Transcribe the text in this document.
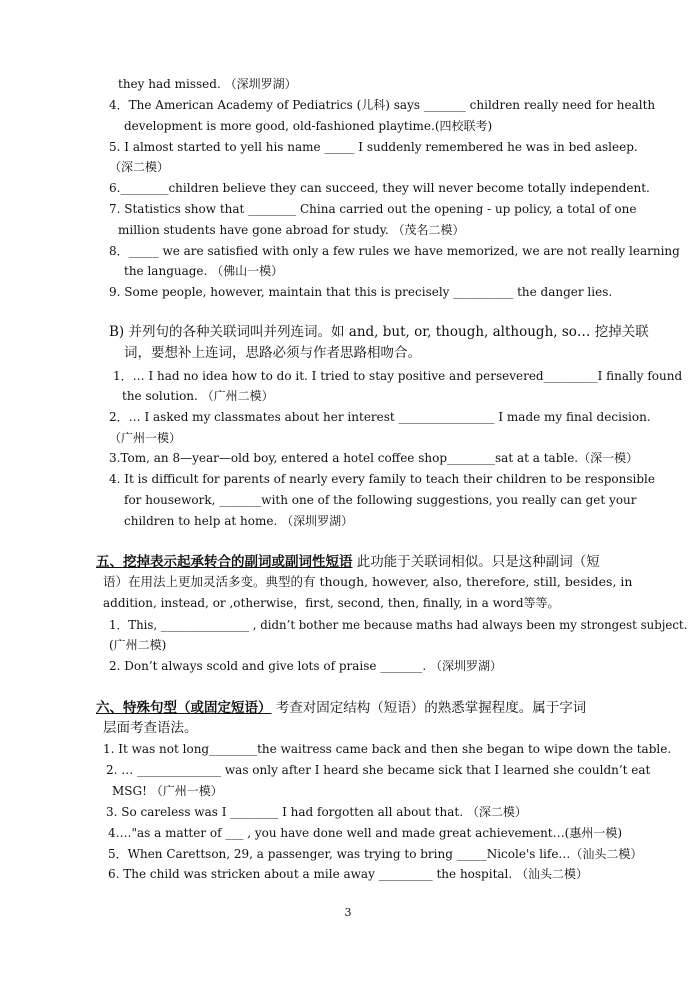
they had missed. （深圳罗湖）
4．The American Academy of Pediatrics (儿科) says _______ children really need for health
development is more good, old-fashioned playtime.(四校联考)
5. I almost started to yell his name _____ I suddenly remembered he was in bed asleep.
（深二模）
6.________children believe they can succeed, they will never become totally independent.
7. Statistics show that ________ China carried out the opening - up policy, a total of one
million students have gone abroad for study. （茂名二模）
8．_____ we are satisfied with only a few rules we have memorized, we are not really learning
the language. （佛山一模）
9. Some people, however, maintain that this is precisely __________ the danger lies.
B) 并列句的各种关联词叫并列连词。如 and, but, or, though, although, so… 挖掉关联
词，要想补上连词，思路必须与作者思路相吻合。
1．… I had no idea how to do it. I tried to stay positive and persevered_________I finally found
the solution. （广州二模）
2．… I asked my classmates about her interest ________________ I made my final decision.
（广州一模）
3.Tom, an 8—year—old boy, entered a hotel coffee shop________sat at a table.（深一模）
4. It is difficult for parents of nearly every family to teach their children to be responsible
for housework, _______with one of the following suggestions, you really can get your
children to help at home. （深圳罗湖）
五、挖掉表示起承转合的副词或副词性短语 此功能于关联词相似。只是这种副词（短
语）在用法上更加灵活多变。典型的有 though, however, also, therefore, still, besides, in
addition, instead, or ,otherwise，first, second, then, finally, in a word等等。
1．This, _______________ , didn’t bother me because maths had always been my strongest subject.
(广州二模)
2. Don’t always scold and give lots of praise _______. （深圳罗湖）
六、特殊句型（或固定短语） 考查对固定结构（短语）的熟悉掌握程度。属于字词
层面考查语法。
1. It was not long________the waitress came back and then she began to wipe down the table.
2. … ______________ was only after I heard she became sick that I learned she couldn’t eat
MSG! （广州一模）
3. So careless was I ________ I had forgotten all about that. （深二模）
4.…"as a matter of ___ , you have done well and made great achievement…(惠州一模)
5．When Carettson, 29, a passenger, was trying to bring _____Nicole's life…（汕头二模）
6. The child was stricken about a mile away _________ the hospital. （汕头二模）
3
